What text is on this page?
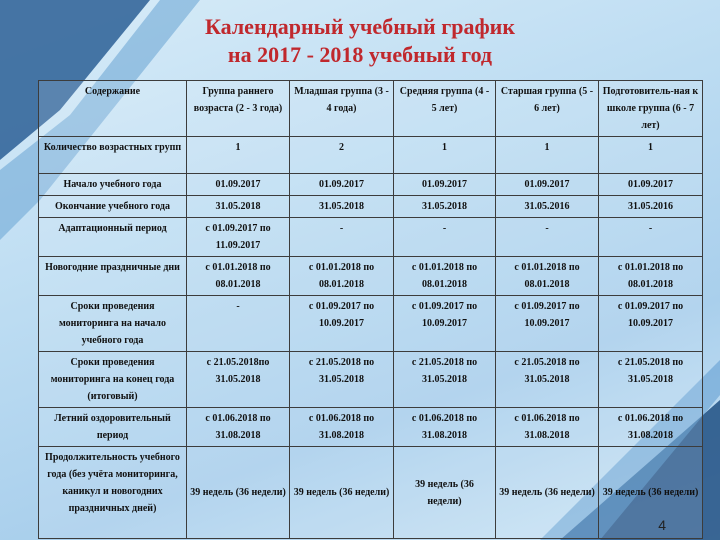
Календарный учебный график
на 2017 - 2018 учебный год
Содержание	Группа раннего возраста (2 - 3 года)	Младшая группа (3 - 4 года)	Средняя группа (4 - 5 лет)	Старшая группа (5 - 6 лет)	Подготовитель-ная к школе группа (6 - 7 лет)
Количество возрастных групп	1	2	1	1	1
Начало учебного года	01.09.2017	01.09.2017	01.09.2017	01.09.2017	01.09.2017
Окончание учебного года	31.05.2018	31.05.2018	31.05.2018	31.05.2016	31.05.2016
Адаптационный период	с 01.09.2017 по 11.09.2017	-	-	-	-
Новогодние праздничные дни	с 01.01.2018 по 08.01.2018	с 01.01.2018 по 08.01.2018	с 01.01.2018 по 08.01.2018	с 01.01.2018 по 08.01.2018	с 01.01.2018 по 08.01.2018
Сроки проведения мониторинга на начало учебного года	-	с 01.09.2017 по 10.09.2017	с 01.09.2017 по 10.09.2017	с 01.09.2017 по 10.09.2017	с 01.09.2017 по 10.09.2017
Сроки проведения мониторинга на конец года (итоговый)	с 21.05.2018по 31.05.2018	с 21.05.2018 по 31.05.2018	с 21.05.2018 по 31.05.2018	с 21.05.2018 по 31.05.2018	с 21.05.2018 по 31.05.2018
Летний оздоровительный период	с 01.06.2018 по 31.08.2018	с 01.06.2018 по 31.08.2018	с 01.06.2018 по 31.08.2018	с 01.06.2018 по 31.08.2018	с 01.06.2018 по 31.08.2018
Продолжительность учебного года (без учёта мониторинга, каникул и новогодних праздничных дней)	39 недель (36 недели)	39 недель (36 недели)	39 недель (36 недели)	39 недель (36 недели)	39 недель (36 недели)
4
